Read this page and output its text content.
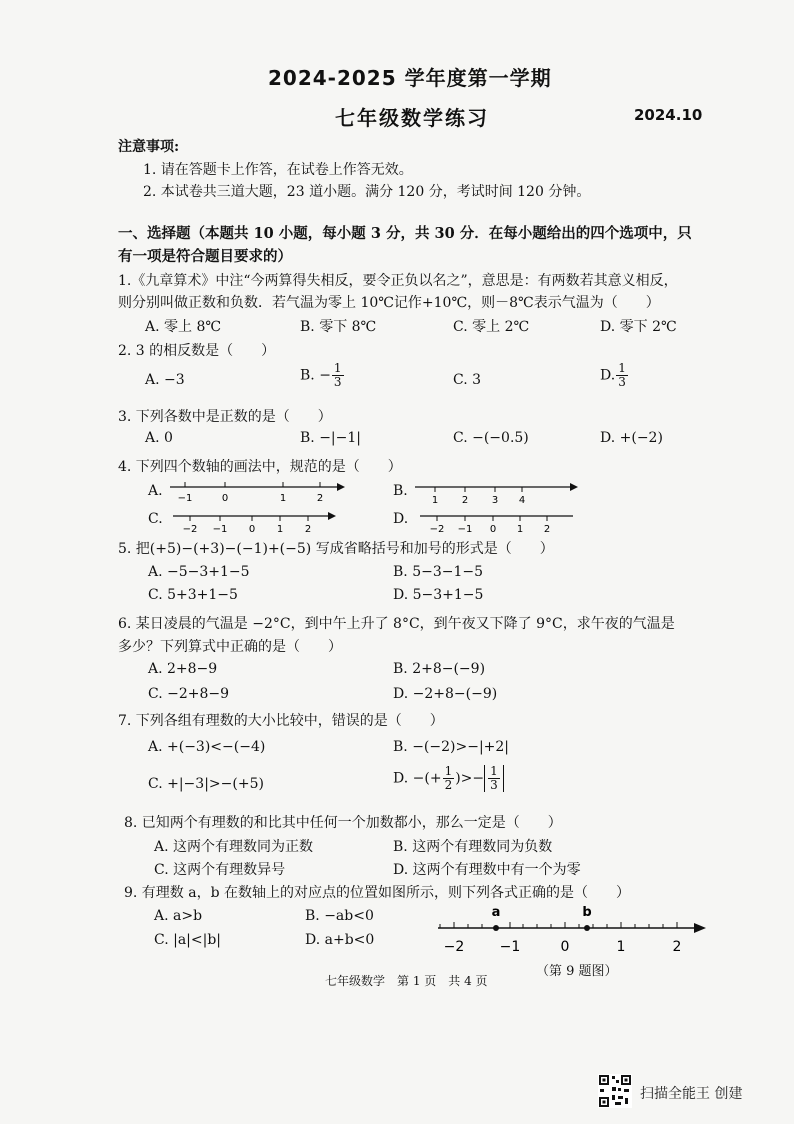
2024-2025 学年度第一学期
七年级数学练习	2024.10
注意事项:
1. 请在答题卡上作答，在试卷上作答无效。
2. 本试卷共三道大题，23 道小题。满分 120 分，考试时间 120 分钟。
一、选择题（本题共 10 小题，每小题 3 分，共 30 分．在每小题给出的四个选项中，只
有一项是符合题目要求的）
1.《九章算术》中注“今两算得失相反，要令正负以名之”，意思是：有两数若其意义相反，
则分别叫做正数和负数．若气温为零上 10℃记作+10℃，则－8℃表示气温为（　　）
A. 零上 8℃	B. 零下 8℃	C. 零上 2℃	D. 零下 2℃
2. 3 的相反数是（　　）
A. −3	B. − $\frac{1}{3}$	C. 3	D. $\frac{1}{3}$
3. 下列各数中是正数的是（　　）
A. 0	B. −|−1|	C. −(−0.5)	D. +(−2)
4. 下列四个数轴的画法中，规范的是（　　）
A.	B.
C.	D.
−1	0	1	2	1 2 3 4
−2 −1 0 1 2	−2 −1 0 1 2
5. 把(+5)−(+3)−(−1)+(−5) 写成省略括号和加号的形式是（　　）
A. −5−3+1−5	B. 5−3−1−5
C. 5+3+1−5	D. 5−3+1−5
6. 某日凌晨的气温是 −2°C，到中午上升了 8°C，到午夜又下降了 9°C，求午夜的气温是
多少？下列算式中正确的是（　　）
A. 2+8−9	B. 2+8−(−9)
C. −2+8−9	D. −2+8−(−9)
7. 下列各组有理数的大小比较中，错误的是（　　）
A. +(−3)<−(−4)	B. −(−2)>−|+2|
C. +|−3|>−(+5)	D. −(+ $\frac{1}{2}$ )>− $\frac{1}{3}$
8. 已知两个有理数的和比其中任何一个加数都小，那么一定是（　　）
A. 这两个有理数同为正数	B. 这两个有理数同为负数
C. 这两个有理数异号	D. 这两个有理数中有一个为零
9. 有理数 a，b 在数轴上的对应点的位置如图所示，则下列各式正确的是（　　）
A. a>b	B. −ab<0
C. |a|<|b|	D. a+b<0
a	b
−2	−1	0	1	2
（第 9 题图）
七年级数学　第 1 页　共 4 页
扫描全能王 创建
